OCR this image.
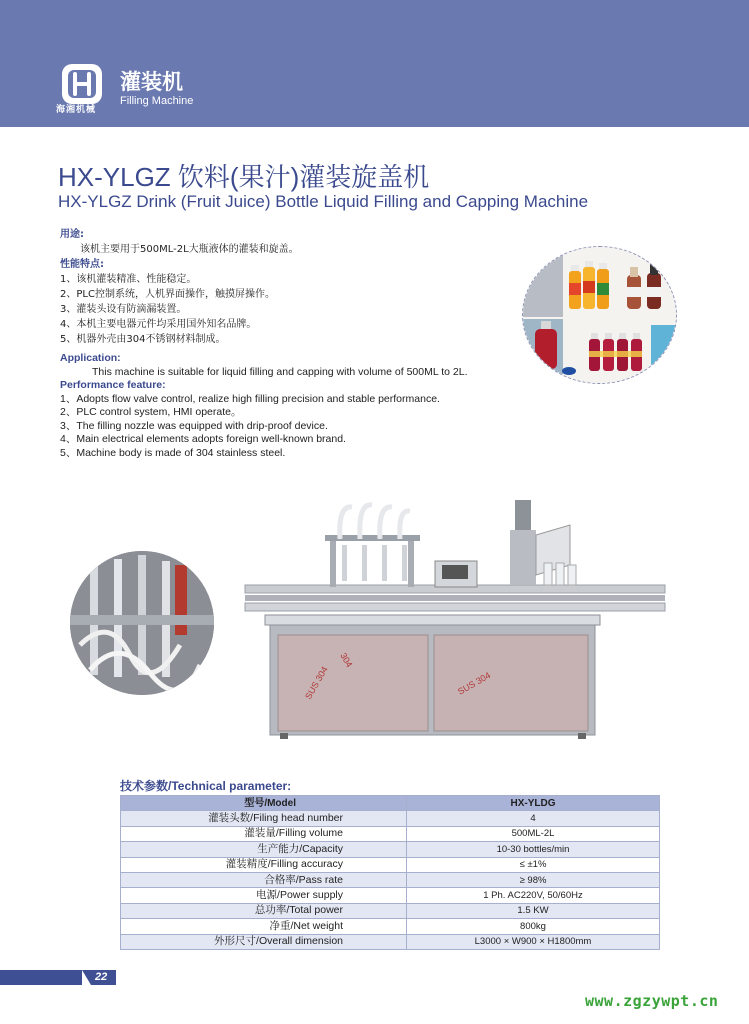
海湘机械
灌装机
Filling Machine
HX-YLGZ 饮料(果汁)灌装旋盖机
HX-YLGZ Drink (Fruit Juice) Bottle Liquid Filling and Capping Machine
用途:
该机主要用于500ML-2L大瓶液体的灌装和旋盖。
性能特点:
1、该机灌装精准、性能稳定。
2、PLC控制系统，人机界面操作，触摸屏操作。
3、灌装头设有防滴漏装置。
4、本机主要电器元件均采用国外知名品牌。
5、机器外壳由304不锈钢材料制成。
Application:
This machine is suitable for liquid filling and capping with volume of 500ML to 2L.
Performance feature:
1、Adopts flow valve control, realize high filling precision and stable performance.
2、PLC control system, HMI operate。
3、The filling nozzle was equipped with drip-proof device.
4、Main electrical elements adopts foreign well-known brand.
5、Machine body is made of 304 stainless steel.
SUS 304	SUS 304
304
技术参数/Technical parameter:
型号/Model	HX-YLDG
灌装头数/Filing head number	4
灌装量/Filling volume	500ML-2L
生产能力/Capacity	10-30 bottles/min
灌装精度/Filling accuracy	≤ ±1%
合格率/Pass rate	≥ 98%
电源/Power supply	1 Ph. AC220V, 50/60Hz
总功率/Total power	1.5 KW
净重/Net weight	800kg
外形尺寸/Overall dimension	L3000 × W900 × H1800mm
22
www.zgzywpt.cn
